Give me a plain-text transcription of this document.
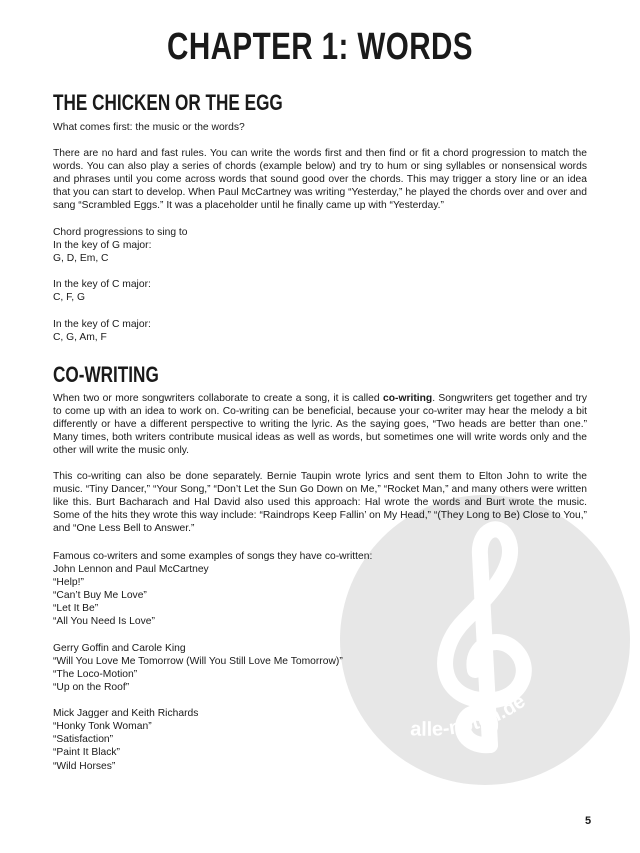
alle-noten.de
CHAPTER 1: WORDS
THE CHICKEN OR THE EGG

What comes first: the music or the words?

There are no hard and fast rules. You can write the words first and then find or fit a chord progression to match the words. You can also play a series of chords (example below) and try to hum or sing syllables or nonsensical words and phrases until you come across words that sound good over the chords. This may trigger a story line or an idea that you can start to develop. When Paul McCartney was writing “Yesterday,” he played the chords over and over and sang “Scrambled Eggs.” It was a placeholder until he finally came up with “Yesterday.”

Chord progressions to sing to
In the key of G major:
G, D, Em, C

In the key of C major:
C, F, G

In the key of C major:
C, G, Am, F
CO-WRITING

When two or more songwriters collaborate to create a song, it is called co-writing. Songwriters get together and try to come up with an idea to work on. Co-writing can be beneficial, because your co-writer may hear the melody a bit differently or have a different perspective to writing the lyric. As the saying goes, “Two heads are better than one.” Many times, both writers contribute musical ideas as well as words, but sometimes one will write words only and the other will write the music only.

This co-writing can also be done separately. Bernie Taupin wrote lyrics and sent them to Elton John to write the music. “Tiny Dancer,” “Your Song,” “Don’t Let the Sun Go Down on Me,” “Rocket Man,” and many others were written like this. Burt Bacharach and Hal David also used this approach: Hal wrote the words and Burt wrote the music. Some of the hits they wrote this way include: “Raindrops Keep Fallin’ on My Head,” “(They Long to Be) Close to You,” and “One Less Bell to Answer.”

Famous co-writers and some examples of songs they have co-written:
John Lennon and Paul McCartney
“Help!”
“Can’t Buy Me Love”
“Let It Be”
“All You Need Is Love”

Gerry Goffin and Carole King
“Will You Love Me Tomorrow (Will You Still Love Me Tomorrow)”
“The Loco-Motion”
“Up on the Roof”

Mick Jagger and Keith Richards
“Honky Tonk Woman”
“Satisfaction”
“Paint It Black”
“Wild Horses”

5
